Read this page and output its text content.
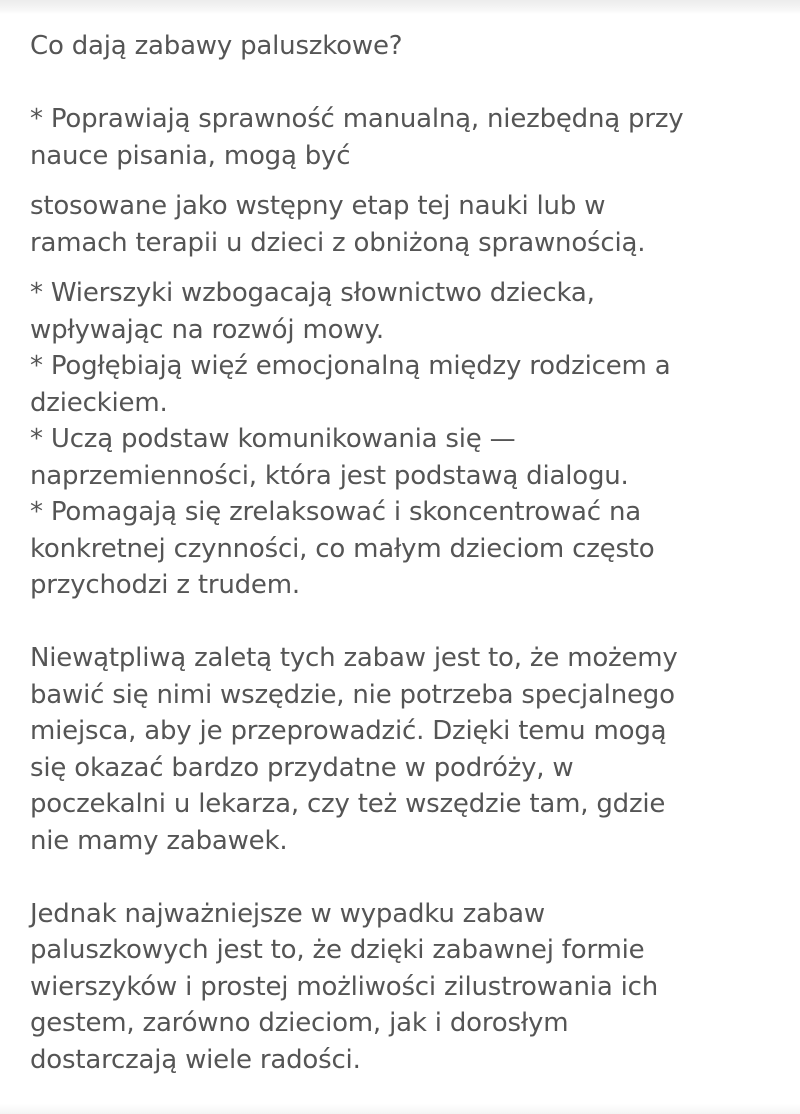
Co dają zabawy paluszkowe?
* Poprawiają sprawność manualną, niezbędną przy
nauce pisania, mogą być
stosowane jako wstępny etap tej nauki lub w
ramach terapii u dzieci z obniżoną sprawnością.
* Wierszyki wzbogacają słownictwo dziecka,
wpływając na rozwój mowy.
* Pogłębiają więź emocjonalną między rodzicem a
dzieckiem.
* Uczą podstaw komunikowania się —
naprzemienności, która jest podstawą dialogu.
* Pomagają się zrelaksować i skoncentrować na
konkretnej czynności, co małym dzieciom często
przychodzi z trudem.
Niewątpliwą zaletą tych zabaw jest to, że możemy
bawić się nimi wszędzie, nie potrzeba specjalnego
miejsca, aby je przeprowadzić. Dzięki temu mogą
się okazać bardzo przydatne w podróży, w
poczekalni u lekarza, czy też wszędzie tam, gdzie
nie mamy zabawek.
Jednak najważniejsze w wypadku zabaw
paluszkowych jest to, że dzięki zabawnej formie
wierszyków i prostej możliwości zilustrowania ich
gestem, zarówno dzieciom, jak i dorosłym
dostarczają wiele radości.
